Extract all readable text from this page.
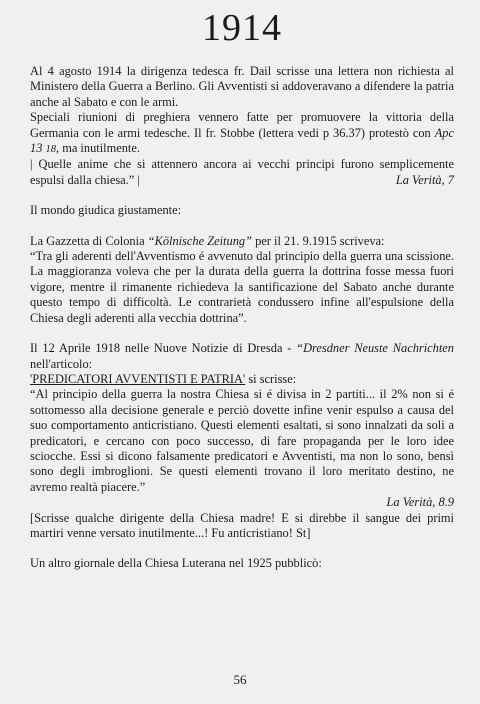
1914

Al 4 agosto 1914 la dirigenza tedesca fr. Dail scrisse una lettera non richiesta al Ministero della Guerra a Berlino. Gli Avventisti si addoveravano a difendere la patria anche al Sabato e con le armi.

Speciali riunioni di preghiera vennero fatte per promuovere la vittoria della Germania con le armi tedesche. Il fr. Stobbe (lettera vedi p 36.37) protestò con Apc 13 18, ma inutilmente.

| Quelle anime che si attennero ancora ai vecchi principi furono semplicemente espulsi dalla chiesa.” |	La Verità, 7

Il mondo giudica giustamente:

La Gazzetta di Colonia “Kölnische Zeitung” per il 21. 9.1915 scriveva:

“Tra gli aderenti dell'Avventismo é avvenuto dal principio della guerra una scissione. La maggioranza voleva che per la durata della guerra la dottrina fosse messa fuori vigore, mentre il rimanente richiedeva la santificazione del Sabato anche durante questo tempo di difficoltà. Le contrarietà condussero infine all'espulsione della Chiesa degli aderenti alla vecchia dottrina”.

Il 12 Aprile 1918 nelle Nuove Notizie di Dresda - “Dresdner Neuste Nachrichten nell'articolo:

'PREDICATORI AVVENTISTI E PATRIA' si scrisse:

“Al principio della guerra la nostra Chiesa si é divisa in 2 partiti... il 2% non si é sottomesso alla decisione generale e perciò dovette infine venir espulso a causa del suo comportamento anticristiano. Questi elementi esaltati, si sono innalzati da soli a predicatori, e cercano con poco successo, di fare propaganda per le loro idee sciocche. Essi si dicono falsamente predicatori e Avventisti, ma non lo sono, bensì sono degli imbroglioni. Se questi elementi trovano il loro meritato destino, ne avremo realtà piacere.”

La Verità, 8.9

[Scrisse qualche dirigente della Chiesa madre! E si direbbe il sangue dei primi martiri venne versato inutilmente...! Fu anticristiano! St]

Un altro giornale della Chiesa Luterana nel 1925 pubblicò:

56
